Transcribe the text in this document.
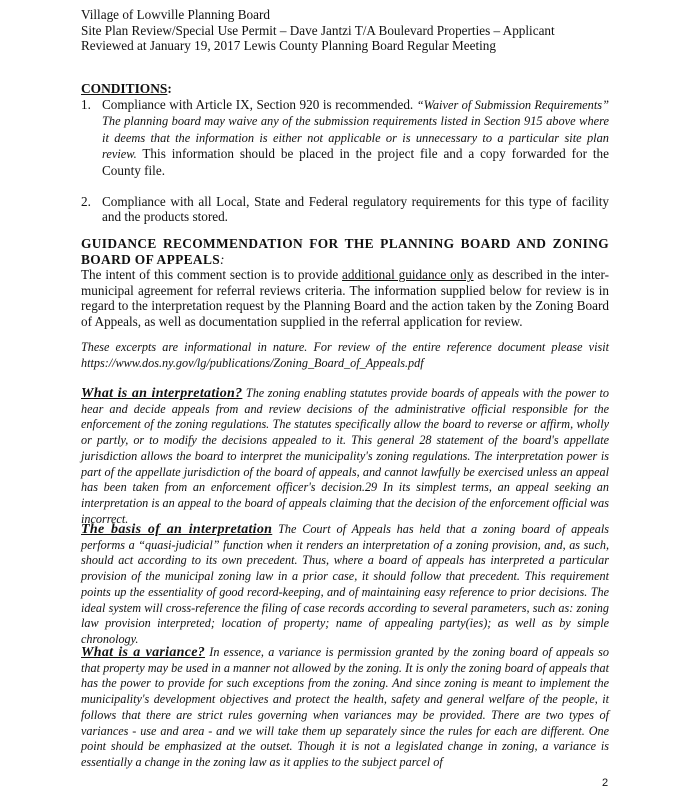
Village of Lowville Planning Board
Site Plan Review/Special Use Permit – Dave Jantzi T/A Boulevard Properties – Applicant
Reviewed at January 19, 2017 Lewis County Planning Board Regular Meeting
CONDITIONS:
1. Compliance with Article IX, Section 920 is recommended. “Waiver of Submission Requirements” The planning board may waive any of the submission requirements listed in Section 915 above where it deems that the information is either not applicable or is unnecessary to a particular site plan review. This information should be placed in the project file and a copy forwarded for the County file.

2. Compliance with all Local, State and Federal regulatory requirements for this type of facility and the products stored.

GUIDANCE RECOMMENDATION FOR THE PLANNING BOARD AND ZONING BOARD OF APPEALS:

The intent of this comment section is to provide additional guidance only as described in the inter-municipal agreement for referral reviews criteria. The information supplied below for review is in regard to the interpretation request by the Planning Board and the action taken by the Zoning Board of Appeals, as well as documentation supplied in the referral application for review.

These excerpts are informational in nature. For review of the entire reference document please visit https://www.dos.ny.gov/lg/publications/Zoning_Board_of_Appeals.pdf

What is an interpretation? The zoning enabling statutes provide boards of appeals with the power to hear and decide appeals from and review decisions of the administrative official responsible for the enforcement of the zoning regulations. The statutes specifically allow the board to reverse or affirm, wholly or partly, or to modify the decisions appealed to it. This general 28 statement of the board's appellate jurisdiction allows the board to interpret the municipality's zoning regulations. The interpretation power is part of the appellate jurisdiction of the board of appeals, and cannot lawfully be exercised unless an appeal has been taken from an enforcement officer's decision.29 In its simplest terms, an appeal seeking an interpretation is an appeal to the board of appeals claiming that the decision of the enforcement official was incorrect.

The basis of an interpretation The Court of Appeals has held that a zoning board of appeals performs a “quasi-judicial” function when it renders an interpretation of a zoning provision, and, as such, should act according to its own precedent. Thus, where a board of appeals has interpreted a particular provision of the municipal zoning law in a prior case, it should follow that precedent. This requirement points up the essentiality of good record-keeping, and of maintaining easy reference to prior decisions. The ideal system will cross-reference the filing of case records according to several parameters, such as: zoning law provision interpreted; location of property; name of appealing party(ies); as well as by simple chronology.

What is a variance? In essence, a variance is permission granted by the zoning board of appeals so that property may be used in a manner not allowed by the zoning. It is only the zoning board of appeals that has the power to provide for such exceptions from the zoning. And since zoning is meant to implement the municipality's development objectives and protect the health, safety and general welfare of the people, it follows that there are strict rules governing when variances may be provided. There are two types of variances - use and area - and we will take them up separately since the rules for each are different. One point should be emphasized at the outset. Though it is not a legislated change in zoning, a variance is essentially a change in the zoning law as it applies to the subject parcel of

2
